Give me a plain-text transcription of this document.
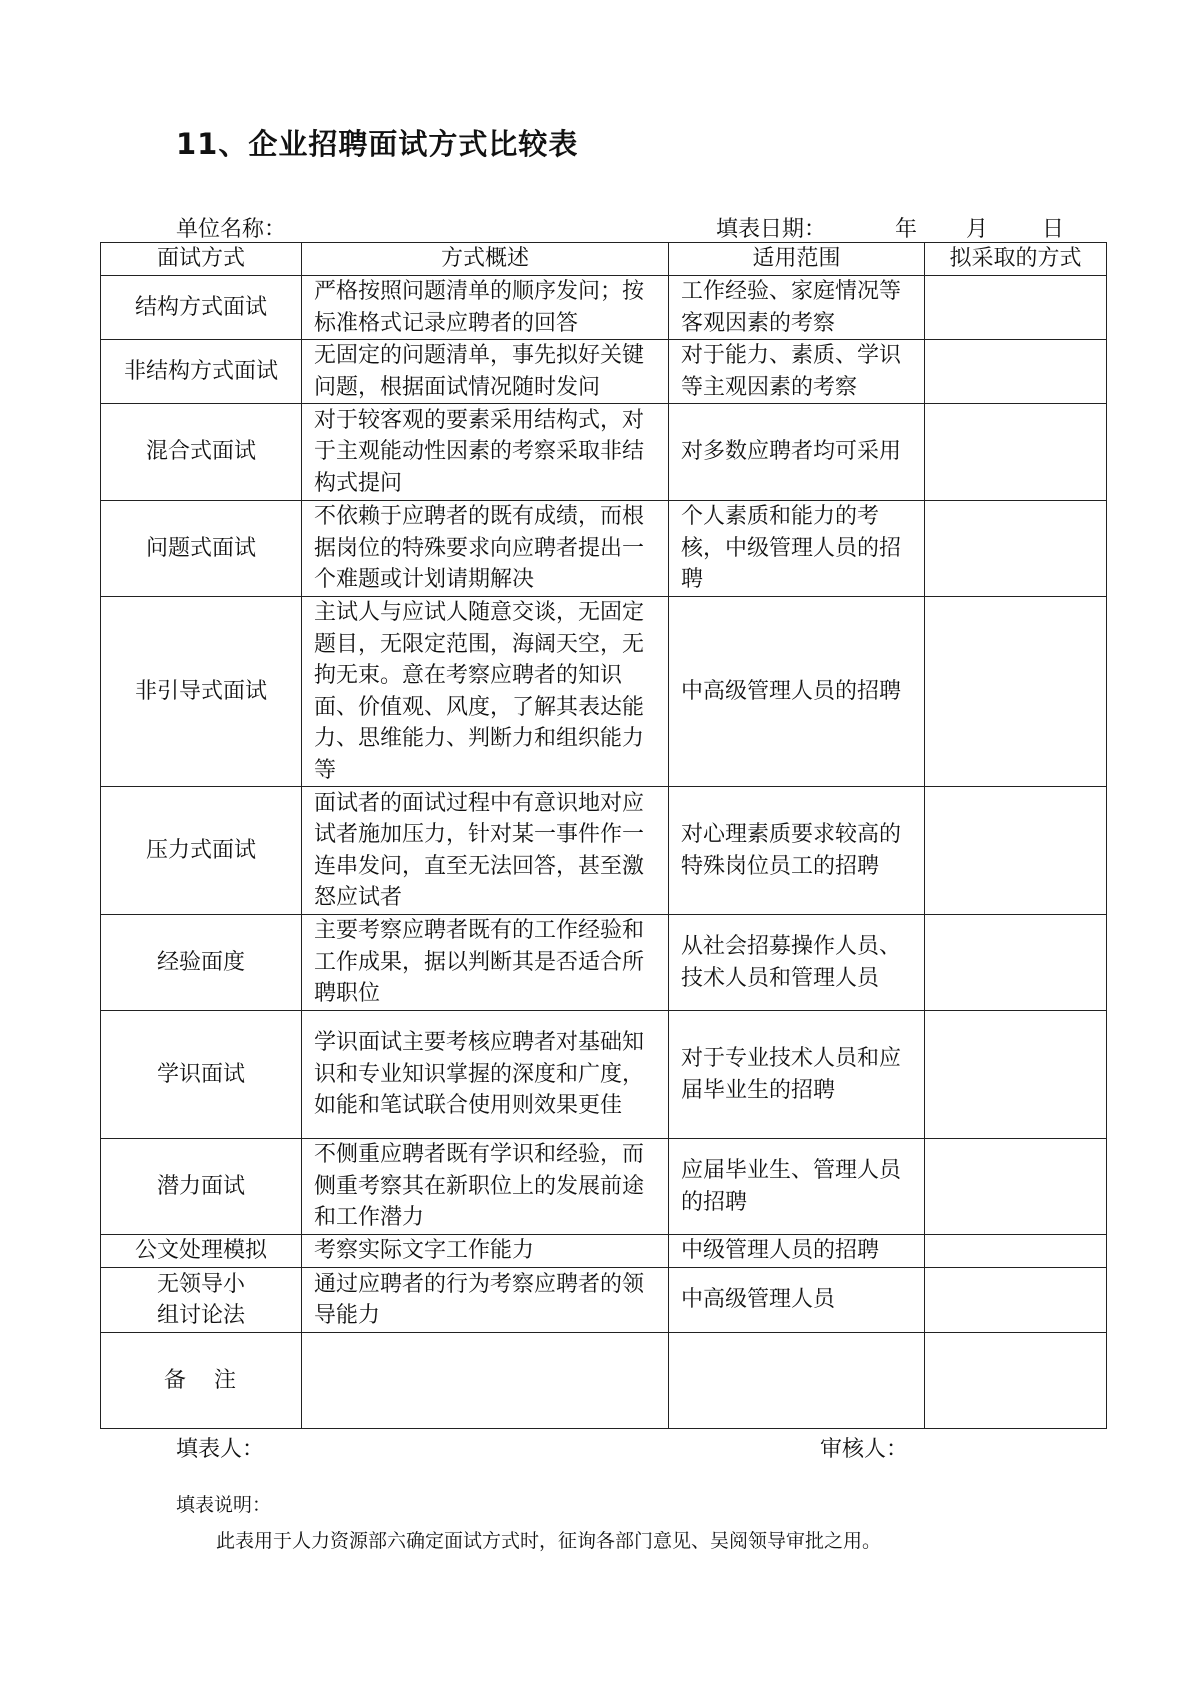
11、企业招聘面试方式比较表
单位名称：	填表日期：	年 月 日
面试方式	方式概述	适用范围	拟采取的方式
结构方式面试	严格按照问题清单的顺序发问；按标准格式记录应聘者的回答	工作经验、家庭情况等客观因素的考察	
非结构方式面试	无固定的问题清单，事先拟好关键问题，根据面试情况随时发问	对于能力、素质、学识等主观因素的考察	
混合式面试	对于较客观的要素采用结构式，对于主观能动性因素的考察采取非结构式提问	对多数应聘者均可采用	
问题式面试	不依赖于应聘者的既有成绩，而根据岗位的特殊要求向应聘者提出一个难题或计划请期解决	个人素质和能力的考核，中级管理人员的招聘	
非引导式面试	主试人与应试人随意交谈，无固定题目，无限定范围，海阔天空，无拘无束。意在考察应聘者的知识面、价值观、风度，了解其表达能力、思维能力、判断力和组织能力等	中高级管理人员的招聘	
压力式面试	面试者的面试过程中有意识地对应试者施加压力，针对某一事件作一连串发问，直至无法回答，甚至激怒应试者	对心理素质要求较高的特殊岗位员工的招聘	
经验面度	主要考察应聘者既有的工作经验和工作成果，据以判断其是否适合所聘职位	从社会招募操作人员、技术人员和管理人员	
学识面试	学识面试主要考核应聘者对基础知识和专业知识掌握的深度和广度，如能和笔试联合使用则效果更佳	对于专业技术人员和应届毕业生的招聘	
潜力面试	不侧重应聘者既有学识和经验，而侧重考察其在新职位上的发展前途和工作潜力	应届毕业生、管理人员的招聘	
公文处理模拟	考察实际文字工作能力	中级管理人员的招聘	
无领导小组讨论法	通过应聘者的行为考察应聘者的领导能力	中高级管理人员	
备 注			
填表人：	审核人：
填表说明：
此表用于人力资源部六确定面试方式时，征询各部门意见、吴阅领导审批之用。
